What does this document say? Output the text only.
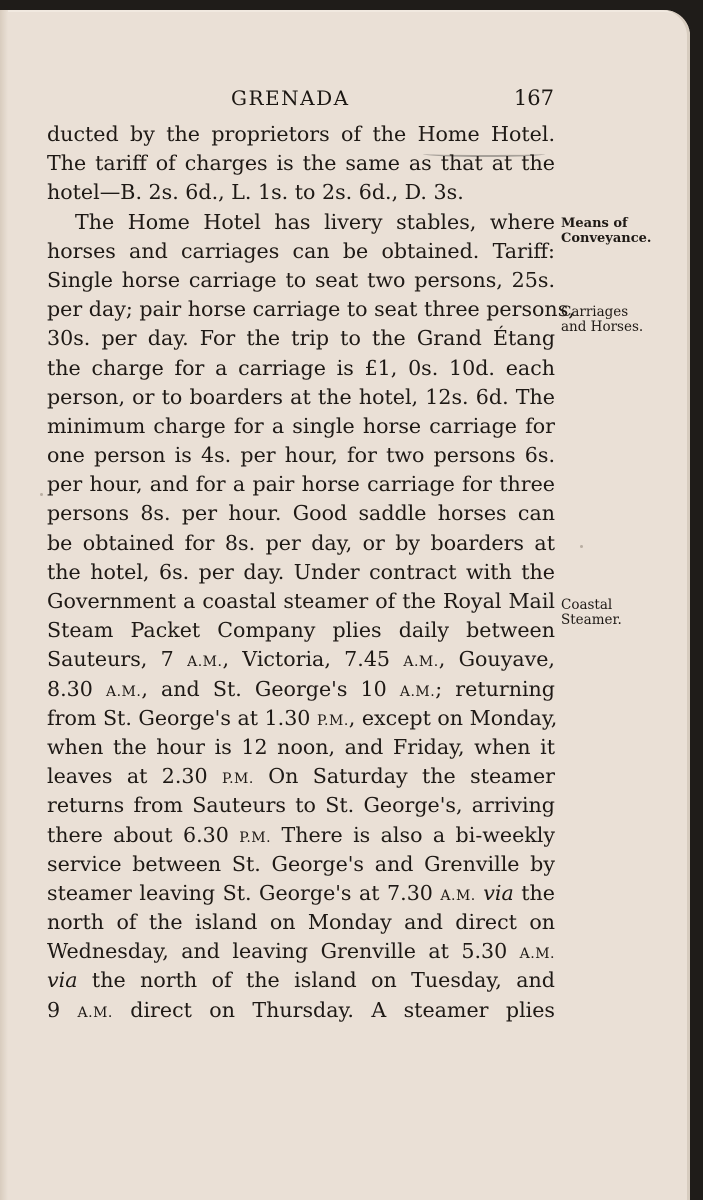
GRENADA	167
ducted by the proprietors of the Home Hotel.
The tariff of charges is the same as that at the
hotel—B. 2s. 6d., L. 1s. to 2s. 6d., D. 3s.
The Home Hotel has livery stables, where
horses and carriages can be obtained. Tariff:
Single horse carriage to seat two persons, 25s.
per day; pair horse carriage to seat three persons,
30s. per day. For the trip to the Grand Étang
the charge for a carriage is £1, 0s. 10d. each
person, or to boarders at the hotel, 12s. 6d. The
minimum charge for a single horse carriage for
one person is 4s. per hour, for two persons 6s.
per hour, and for a pair horse carriage for three
persons 8s. per hour. Good saddle horses can
be obtained for 8s. per day, or by boarders at
the hotel, 6s. per day. Under contract with the
Government a coastal steamer of the Royal Mail
Steam Packet Company plies daily between
Sauteurs, 7 A.M., Victoria, 7.45 A.M., Gouyave,
8.30 A.M., and St. George's 10 A.M.; returning
from St. George's at 1.30 P.M., except on Monday,
when the hour is 12 noon, and Friday, when it
leaves at 2.30 P.M. On Saturday the steamer
returns from Sauteurs to St. George's, arriving
there about 6.30 P.M. There is also a bi-weekly
service between St. George's and Grenville by
steamer leaving St. George's at 7.30 A.M. via the
north of the island on Monday and direct on
Wednesday, and leaving Grenville at 5.30 A.M.
via the north of the island on Tuesday, and
9 A.M. direct on Thursday. A steamer plies
Means of
Conveyance.
Carriages
and Horses.
Coastal
Steamer.
